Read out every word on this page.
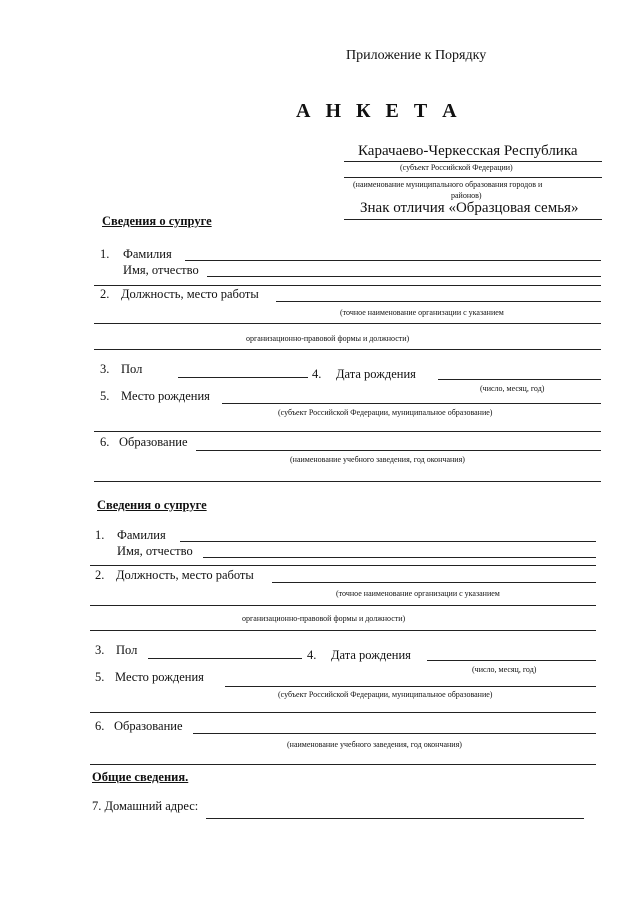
Приложение к Порядку
А Н К Е Т А
Карачаево-Черкесская Республика
(субъект Российской Федерации)
(наименование муниципального образования городов и
районов)
Знак отличия «Образцовая семья»
Сведения о супруге
1. Фамилия
Имя, отчество
2. Должность, место работы
(точное наименование организации с указанием
организационно-правовой формы и должности)
3. Пол	4. Дата рождения
(число, месяц, год)
5. Место рождения
(субъект Российской Федерации, муниципальное образование)
6. Образование
(наименование учебного заведения, год окончания)
Сведения о супруге
1. Фамилия
Имя, отчество
2. Должность, место работы
(точное наименование организации с указанием
организационно-правовой формы и должности)
3. Пол	4. Дата рождения
(число, месяц, год)
5. Место рождения
(субъект Российской Федерации, муниципальное образование)
6. Образование
(наименование учебного заведения, год окончания)
Общие сведения.
7. Домашний адрес:
